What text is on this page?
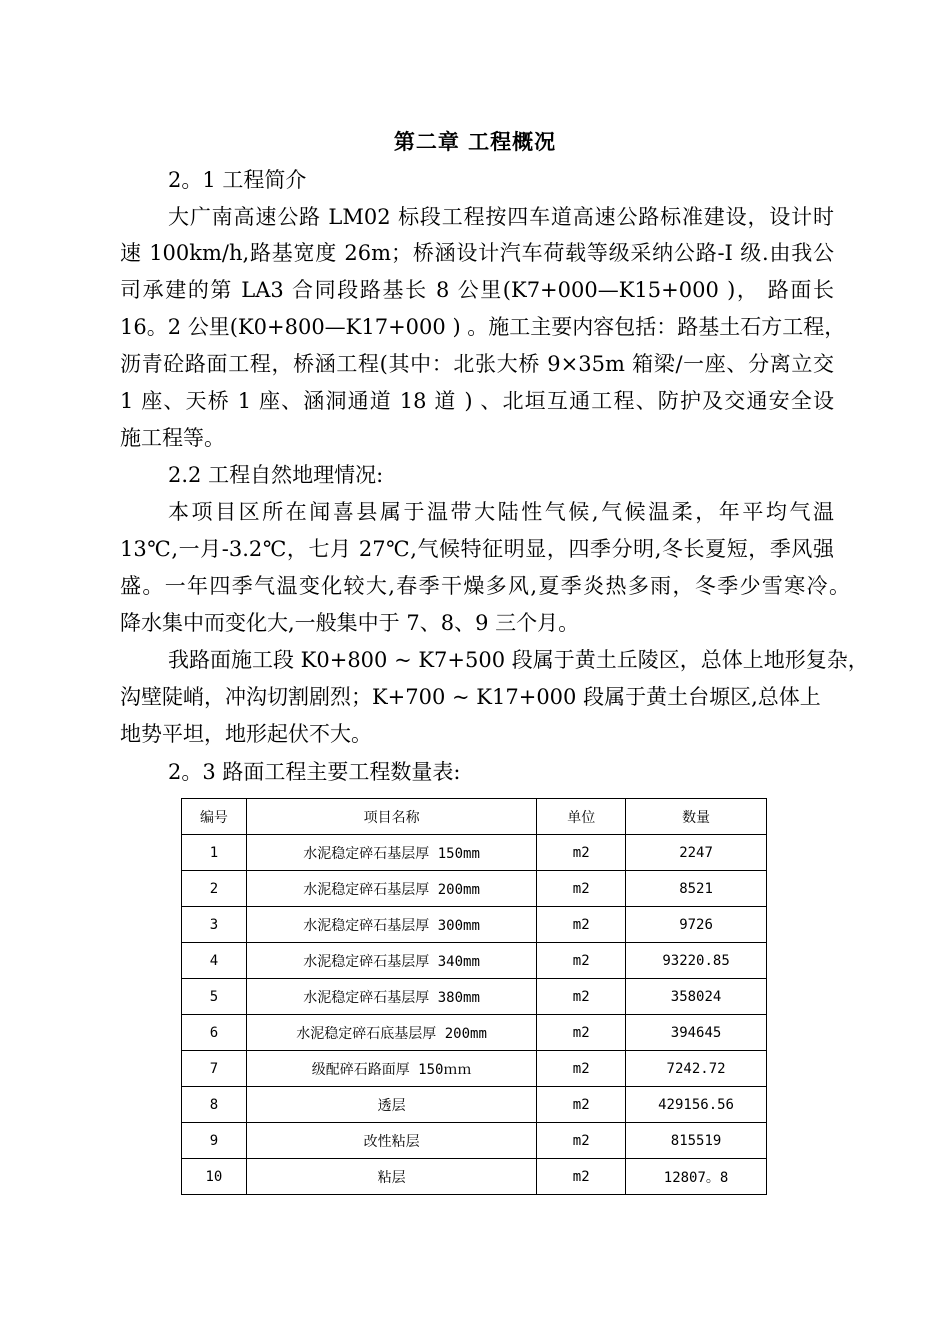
第二章 工程概况
2。1 工程简介
大广南高速公路 LM02 标段工程按四车道高速公路标准建设，设计时
速 100km/h,路基宽度 26m；桥涵设计汽车荷载等级采纳公路-I 级.由我公
司承建的第 LA3 合同段路基长 8 公里(K7+000—K15+000 )， 路面长
16。2 公里(K0+800—K17+000 ) 。施工主要内容包括：路基土石方工程，
沥青砼路面工程，桥涵工程(其中：北张大桥 9×35m 箱梁/一座、分离立交
1 座、天桥 1 座、涵洞通道 18 道 ) 、北垣互通工程、防护及交通安全设
施工程等。
2.2 工程自然地理情况:
本项目区所在闻喜县属于温带大陆性气候,气候温柔，年平均气温
13℃,一月-3.2℃，七月 27℃,气候特征明显，四季分明,冬长夏短，季风强
盛。一年四季气温变化较大,春季干燥多风,夏季炎热多雨，冬季少雪寒冷。
降水集中而变化大,一般集中于 7、8、9 三个月。
我路面施工段 K0+800 ~ K7+500 段属于黄土丘陵区，总体上地形复杂，
沟壁陡峭，冲沟切割剧烈；K+700 ~ K17+000 段属于黄土台塬区,总体上
地势平坦，地形起伏不大。
2。3 路面工程主要工程数量表:
编号	项目名称	单位	数量
1	水泥稳定碎石基层厚 150mm	m2	2247
2	水泥稳定碎石基层厚 200mm	m2	8521
3	水泥稳定碎石基层厚 300mm	m2	9726
4	水泥稳定碎石基层厚 340mm	m2	93220.85
5	水泥稳定碎石基层厚 380mm	m2	358024
6	水泥稳定碎石底基层厚 200mm	m2	394645
7	级配碎石路面厚 150ｍｍ	m2	7242.72
8	透层	m2	429156.56
9	改性粘层	m2	815519
10	粘层	m2	12807。8
